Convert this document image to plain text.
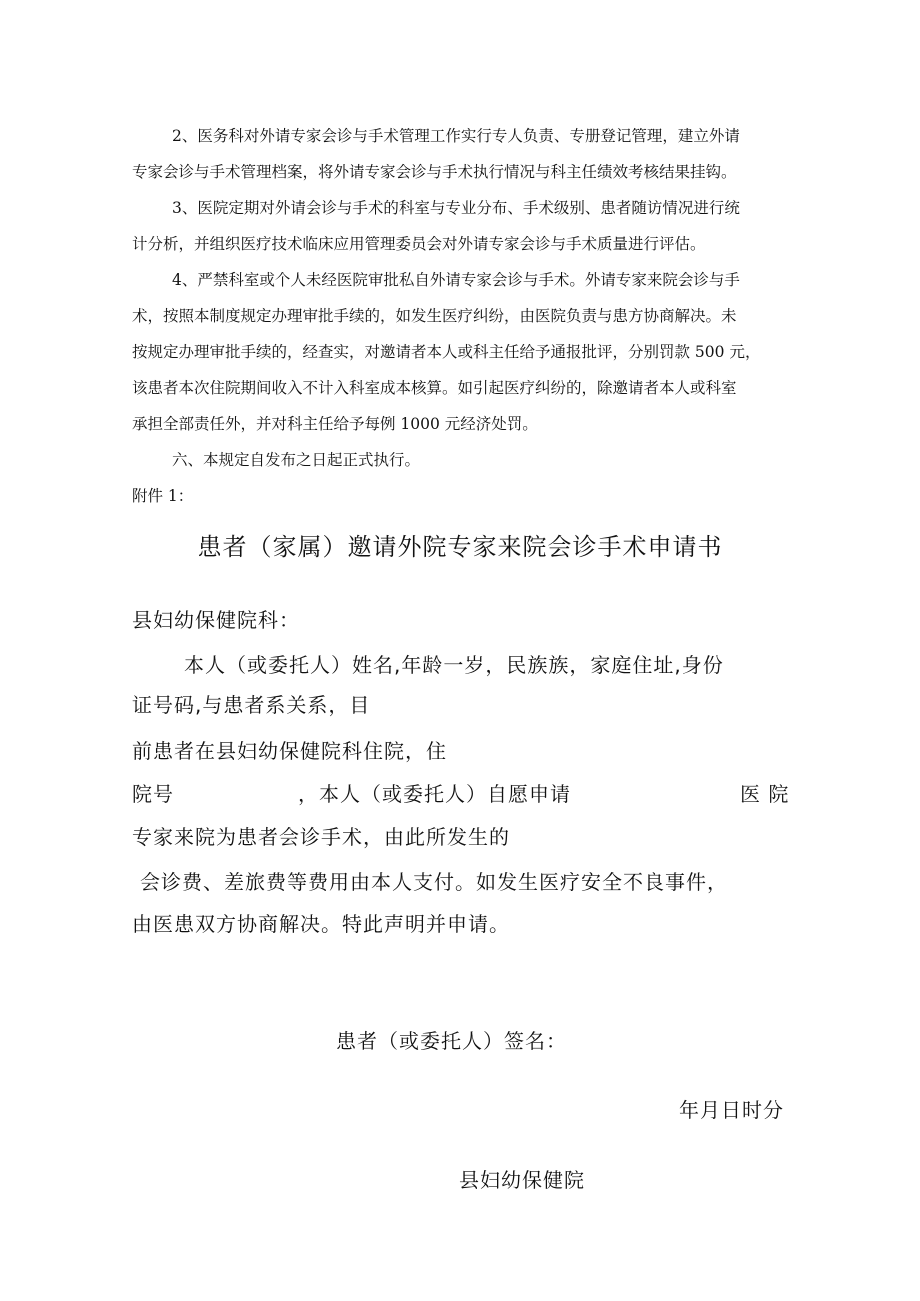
2、医务科对外请专家会诊与手术管理工作实行专人负责、专册登记管理，建立外请
专家会诊与手术管理档案，将外请专家会诊与手术执行情况与科主任绩效考核结果挂钩。
3、医院定期对外请会诊与手术的科室与专业分布、手术级别、患者随访情况进行统
计分析，并组织医疗技术临床应用管理委员会对外请专家会诊与手术质量进行评估。
4、严禁科室或个人未经医院审批私自外请专家会诊与手术。外请专家来院会诊与手
术，按照本制度规定办理审批手续的，如发生医疗纠纷，由医院负责与患方协商解决。未
按规定办理审批手续的，经查实，对邀请者本人或科主任给予通报批评，分别罚款 500 元，
该患者本次住院期间收入不计入科室成本核算。如引起医疗纠纷的，除邀请者本人或科室
承担全部责任外，并对科主任给予每例 1000 元经济处罚。
六、本规定自发布之日起正式执行。
附件 1：
患者（家属）邀请外院专家来院会诊手术申请书
县妇幼保健院科：
本人（或委托人）姓名,年龄一岁，民族族，家庭住址,身份
证号码,与患者系关系，目
前患者在县妇幼保健院科住院，住
院号	，本人（或委托人）自愿申请	医 院
专家来院为患者会诊手术，由此所发生的
会诊费、差旅费等费用由本人支付。如发生医疗安全不良事件，
由医患双方协商解决。特此声明并申请。
患者（或委托人）签名：
年月日时分
县妇幼保健院
